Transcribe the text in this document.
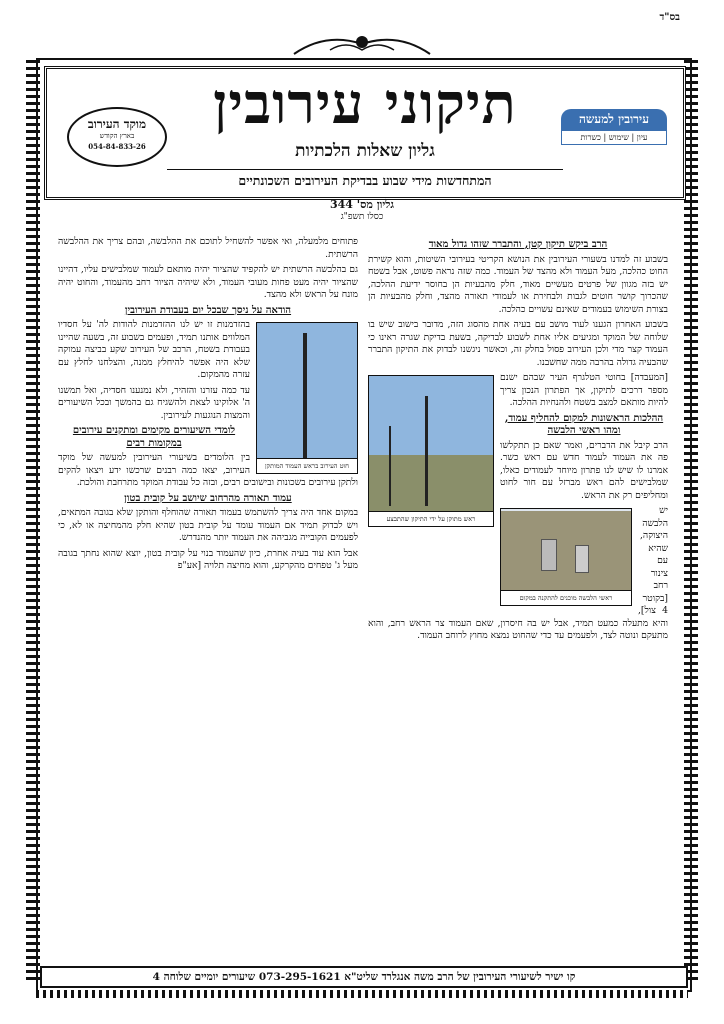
בס"ד
תיקוני עירובין
גליון שאלות הלכתיות
המתחדשות מידי שבוע בבדיקת העירובים השכונתיים
מוקד העירוב
בארץ הקודש
054-84-833-26
עירובין למעשה
עיון | שימוש | כשרות
גליון מס' 344
כסלו תשפ"ג
הרב ביקש תיקון קטן, והתברר שזהו גדול מאוד

בשבוע זה למדנו בשעורי העירובין את הנושא הקריטי בעירובי השיטות, והוא קשירת החוט כהלכה, מעל העמוד ולא מהצד של העמוד. כמה שזה נראה פשוט, אבל בשטח יש בזה מגוון של פרטים מעשיים מאוד, חלק מהבעיות הן בחוסר ידיעת ההלכה, שהכרוך קושר חוטים לגבות ולבחירת או לעמודי תאורה מהצד, וחלק מהבעיות הן בצורת השימוש בעמודים שאינם עשויים כהלכה.

בשבוע האחרון הגענו לעוד מושב עם בעיה אחת מהסוג הזה, מדובר בישוב שיש בו שלוחה של המוקד ומגיעים אליו אחת לשבוע לבדיקה, בשעת בדיקת שגרה ראינו כי העמוד קצר מדי ולכן העירוב פסול בחלק זה, וכאשר ניגשנו לבדוק את התיקון התברר שהבעיה גדולה בהרבה ממה שחשבנו.

ראש מתוקן על ידי התיקון שהתבצע

[המעבדה] בחוטי הטלגרף העיר שבהם ישנם מספר דרכים לתיקון, אך הפתרון הנכון צריך להיות מותאם למצב בשטח ולהנחיות ההלכה.

ההלכות הראשונות למקום להחליף עמוד, ומהו ראשי הלבשה

הרב קיבל את הדברים, ואמר שאם כן תתקלשו פה את העמוד לעמוד חדש עם ראש כשר. אמרנו לו שיש לנו פתרון מיוחד לעמודים כאלו, שמלבישים להם ראש מברזל עם חור לחוט ומחליפים רק את הראש.

ראשי הלבשה מוכנים להתקנה במקום

יש הלבשה היצוקה, שהיא עם צינור רחב [בקוטר 4 צול], והיא מתעלה כמעט תמיד, אבל יש בה חיסרון, שאם העמוד צר הראש רחב, והוא מתעקם ונוטה לצד, ולפעמים עד כדי שהחוט נמצא מחוץ לרוחב העמוד.

פתוחים מלמעלה, ואי אפשר להשחיל לתוכם את ההלבשה, ובהם צריך את ההלבשה הרשתית.

גם בהלבשה הרשתית יש להקפיד שהציור יהיה מותאם לעמוד שמלבישים עליו, דהיינו שהציור יהיה מעט פחות מעובי העמוד, ולא שיהיה הציור רחב מהעמוד, והחוט יהיה מונח על הראש ולא מהצד.

הודאה על ניסך שבכל יום בעבודת העירובין
חוט העירוב בראש העמוד המותקן

בהזדמנות זו יש לנו ההזדמנות להודות לה' על חסדיו המלווים אותנו תמיד, ופעמים בשבוע זה, בשעה שהיינו בעבודת בשטח, הרכב של העירוב שקע בביצה עמוקה שלא היה אפשר להיחלץ ממנה, והצלחנו לחלץ עם עזרה מהמקום.

עד כמה עזרנו והזהיר, ולא נמנענו חסדיה, ואל תמשנו ה' אלוקינו לצאת ולהשגיח גם בהמשך ובכל השיעורים והמצות הנוגעות לעירובין.

לומדי השיעורים מקימים ומתקנים עירובים במקומות רבים

בין הלומדים בשיעורי העירובין למעשה של מוקד העירוב, יצאו כמה רבנים שרכשו ידע ויצאו להקים ולתקן עירובים בשכונות ובישובים רבים, ובזה כל עבודת המוקד מתרחבת והולכת.

עמוד תאורה מהרחוב שיושב על קובית בטון

במקום אחד היה צריך להשתמש בעמוד תאורה שהוחלף והותקן שלא בגובה המתאים, ויש לבדוק תמיד אם העמוד עומד על קובית בטון שהיא חלק מהמחיצה או לא, כי לפעמים הקובייה מגביהה את העמוד יותר מהנדרש.

אבל הוא עוד בעיה אחרת, כיון שהעמוד בנוי על קובית בטון, יוצא שהוא נחתך בגובה מעל ג' טפחים מהקרקע, והוא מחיצה תלויה [אע"פ

קו ישיר לשיעורי העירובין של הרב משה אנגלרד שליט"א 073-295-1621 שיעורים יומיים שלוחה 4
